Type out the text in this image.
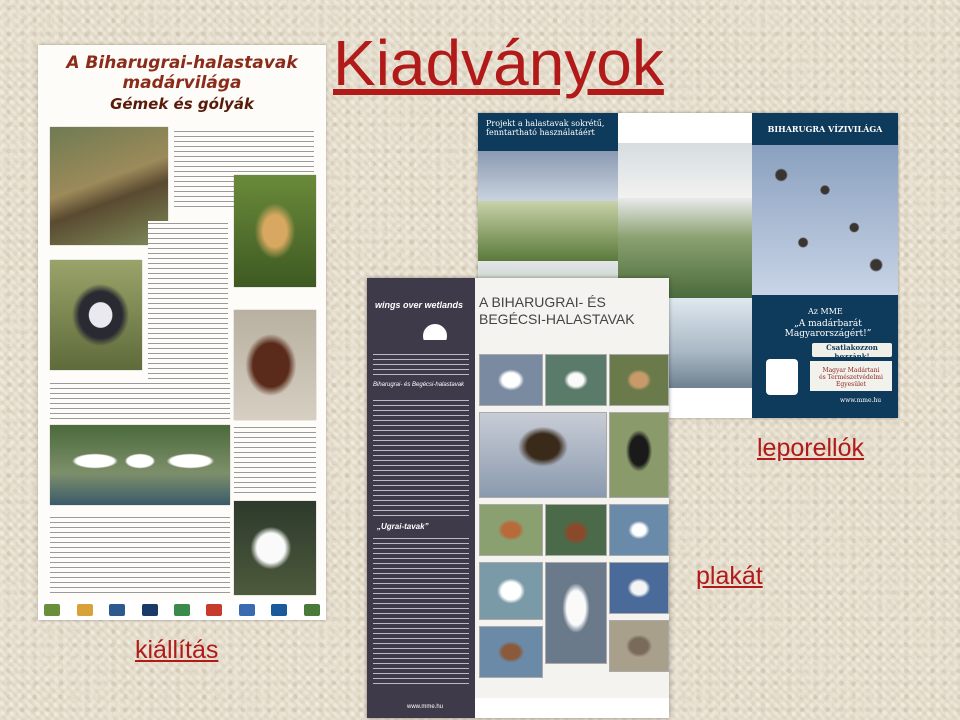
Kiadványok
A Biharugrai-halastavak
madárvilága
Gémek és gólyák
Projekt a halastavak sokrétű,
fenntartható használatáért	BIHARUGRA VÍZIVILÁGA
Az MME
„A madárbarát Magyarországért!”
Csatlakozzon hozzánk!
Magyar Madártani
és Természetvédelmi Egyesület
www.mme.hu
wings over wetlands A BIHARUGRAI- ÉS
BEGÉCSI-HALASTAVAK
Biharugrai- és Begécsi-halastavak
„Ugrai-tavak”
www.mme.hu
leporellók
plakát
kiállítás
